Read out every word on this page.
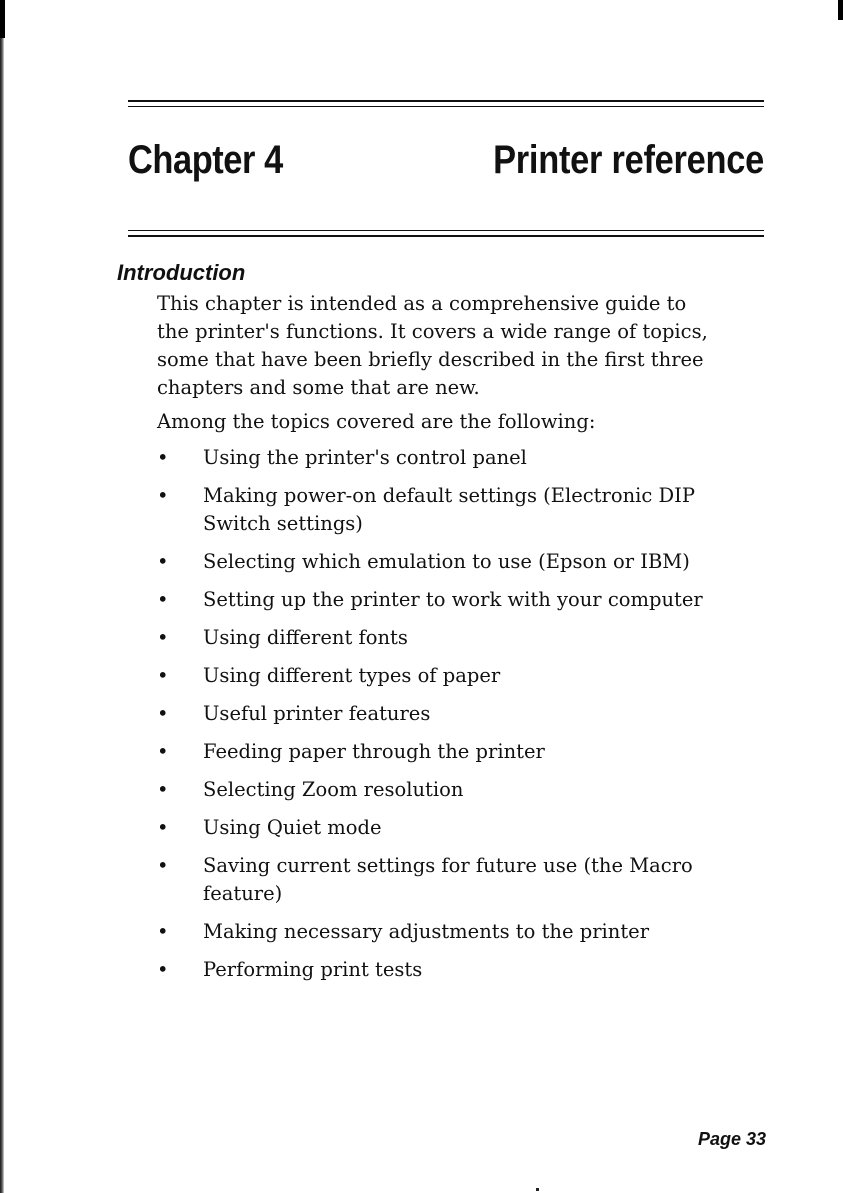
Chapter 4	Printer reference
Introduction

This chapter is intended as a comprehensive guide to
the printer's functions. It covers a wide range of topics,
some that have been briefly described in the first three
chapters and some that are new.

Among the topics covered are the following:

• Using the printer's control panel
• Making power-on default settings (Electronic DIP
Switch settings)
• Selecting which emulation to use (Epson or IBM)
• Setting up the printer to work with your computer
• Using different fonts
• Using different types of paper
• Useful printer features
• Feeding paper through the printer
• Selecting Zoom resolution
• Using Quiet mode
• Saving current settings for future use (the Macro
feature)
• Making necessary adjustments to the printer
• Performing print tests
Page 33
